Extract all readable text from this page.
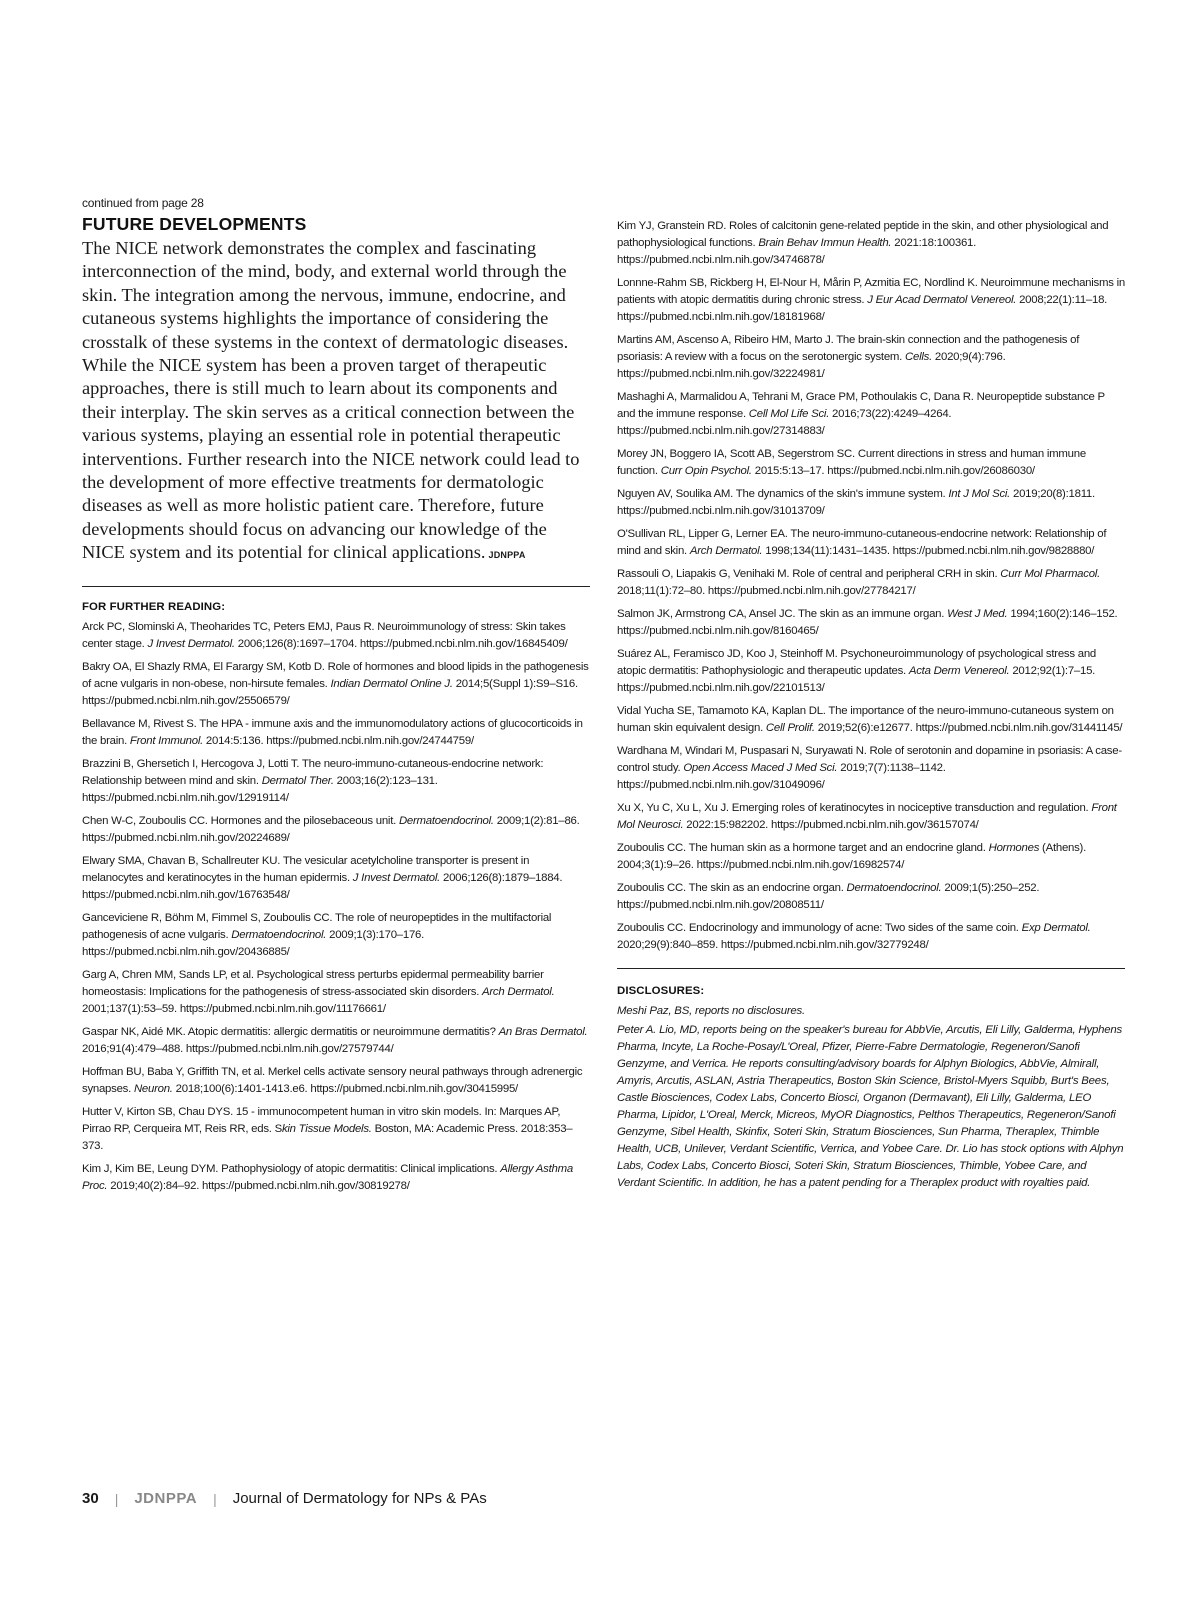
continued from page 28

FUTURE DEVELOPMENTS

The NICE network demonstrates the complex and fascinating interconnection of the mind, body, and external world through the skin. The integration among the nervous, immune, endocrine, and cutaneous systems highlights the importance of considering the crosstalk of these systems in the context of dermatologic diseases. While the NICE system has been a proven target of therapeutic approaches, there is still much to learn about its components and their interplay. The skin serves as a critical connection between the various systems, playing an essential role in potential therapeutic interventions. Further research into the NICE network could lead to the development of more effective treatments for dermatologic diseases as well as more holistic patient care. Therefore, future developments should focus on advancing our knowledge of the NICE system and its potential for clinical applications. JDNPPA

FOR FURTHER READING:
Arck PC, Slominski A, Theoharides TC, Peters EMJ, Paus R. Neuroimmunology of stress: Skin takes center stage. J Invest Dermatol. 2006;126(8):1697–1704. https://pubmed.ncbi.nlm.nih.gov/16845409/
Bakry OA, El Shazly RMA, El Farargy SM, Kotb D. Role of hormones and blood lipids in the pathogenesis of acne vulgaris in non-obese, non-hirsute females. Indian Dermatol Online J. 2014;5(Suppl 1):S9–S16. https://pubmed.ncbi.nlm.nih.gov/25506579/
Bellavance M, Rivest S. The HPA - immune axis and the immunomodulatory actions of glucocorticoids in the brain. Front Immunol. 2014:5:136. https://pubmed.ncbi.nlm.nih.gov/24744759/
Brazzini B, Ghersetich I, Hercogova J, Lotti T. The neuro-immuno-cutaneous-endocrine network: Relationship between mind and skin. Dermatol Ther. 2003;16(2):123–131. https://pubmed.ncbi.nlm.nih.gov/12919114/
Chen W-C, Zouboulis CC. Hormones and the pilosebaceous unit. Dermatoendocrinol. 2009;1(2):81–86. https://pubmed.ncbi.nlm.nih.gov/20224689/
Elwary SMA, Chavan B, Schallreuter KU. The vesicular acetylcholine transporter is present in melanocytes and keratinocytes in the human epidermis. J Invest Dermatol. 2006;126(8):1879–1884. https://pubmed.ncbi.nlm.nih.gov/16763548/
Ganceviciene R, Böhm M, Fimmel S, Zouboulis CC. The role of neuropeptides in the multifactorial pathogenesis of acne vulgaris. Dermatoendocrinol. 2009;1(3):170–176. https://pubmed.ncbi.nlm.nih.gov/20436885/
Garg A, Chren MM, Sands LP, et al. Psychological stress perturbs epidermal permeability barrier homeostasis: Implications for the pathogenesis of stress-associated skin disorders. Arch Dermatol. 2001;137(1):53–59. https://pubmed.ncbi.nlm.nih.gov/11176661/
Gaspar NK, Aidé MK. Atopic dermatitis: allergic dermatitis or neuroimmune dermatitis? An Bras Dermatol. 2016;91(4):479–488. https://pubmed.ncbi.nlm.nih.gov/27579744/
Hoffman BU, Baba Y, Griffith TN, et al. Merkel cells activate sensory neural pathways through adrenergic synapses. Neuron. 2018;100(6):1401-1413.e6. https://pubmed.ncbi.nlm.nih.gov/30415995/
Hutter V, Kirton SB, Chau DYS. 15 - immunocompetent human in vitro skin models. In: Marques AP, Pirrao RP, Cerqueira MT, Reis RR, eds. Skin Tissue Models. Boston, MA: Academic Press. 2018:353–373.
Kim J, Kim BE, Leung DYM. Pathophysiology of atopic dermatitis: Clinical implications. Allergy Asthma Proc. 2019;40(2):84–92. https://pubmed.ncbi.nlm.nih.gov/30819278/
Kim YJ, Granstein RD. Roles of calcitonin gene-related peptide in the skin, and other physiological and pathophysiological functions. Brain Behav Immun Health. 2021:18:100361. https://pubmed.ncbi.nlm.nih.gov/34746878/
Lonnne-Rahm SB, Rickberg H, El-Nour H, Mårin P, Azmitia EC, Nordlind K. Neuroimmune mechanisms in patients with atopic dermatitis during chronic stress. J Eur Acad Dermatol Venereol. 2008;22(1):11–18. https://pubmed.ncbi.nlm.nih.gov/18181968/
Martins AM, Ascenso A, Ribeiro HM, Marto J. The brain-skin connection and the pathogenesis of psoriasis: A review with a focus on the serotonergic system. Cells. 2020;9(4):796. https://pubmed.ncbi.nlm.nih.gov/32224981/
Mashaghi A, Marmalidou A, Tehrani M, Grace PM, Pothoulakis C, Dana R. Neuropeptide substance P and the immune response. Cell Mol Life Sci. 2016;73(22):4249–4264. https://pubmed.ncbi.nlm.nih.gov/27314883/
Morey JN, Boggero IA, Scott AB, Segerstrom SC. Current directions in stress and human immune function. Curr Opin Psychol. 2015:5:13–17. https://pubmed.ncbi.nlm.nih.gov/26086030/
Nguyen AV, Soulika AM. The dynamics of the skin's immune system. Int J Mol Sci. 2019;20(8):1811. https://pubmed.ncbi.nlm.nih.gov/31013709/
O'Sullivan RL, Lipper G, Lerner EA. The neuro-immuno-cutaneous-endocrine network: Relationship of mind and skin. Arch Dermatol. 1998;134(11):1431–1435. https://pubmed.ncbi.nlm.nih.gov/9828880/
Rassouli O, Liapakis G, Venihaki M. Role of central and peripheral CRH in skin. Curr Mol Pharmacol. 2018;11(1):72–80. https://pubmed.ncbi.nlm.nih.gov/27784217/
Salmon JK, Armstrong CA, Ansel JC. The skin as an immune organ. West J Med. 1994;160(2):146–152. https://pubmed.ncbi.nlm.nih.gov/8160465/
Suárez AL, Feramisco JD, Koo J, Steinhoff M. Psychoneuroimmunology of psychological stress and atopic dermatitis: Pathophysiologic and therapeutic updates. Acta Derm Venereol. 2012;92(1):7–15. https://pubmed.ncbi.nlm.nih.gov/22101513/
Vidal Yucha SE, Tamamoto KA, Kaplan DL. The importance of the neuro-immuno-cutaneous system on human skin equivalent design. Cell Prolif. 2019;52(6):e12677. https://pubmed.ncbi.nlm.nih.gov/31441145/
Wardhana M, Windari M, Puspasari N, Suryawati N. Role of serotonin and dopamine in psoriasis: A case-control study. Open Access Maced J Med Sci. 2019;7(7):1138–1142. https://pubmed.ncbi.nlm.nih.gov/31049096/
Xu X, Yu C, Xu L, Xu J. Emerging roles of keratinocytes in nociceptive transduction and regulation. Front Mol Neurosci. 2022:15:982202. https://pubmed.ncbi.nlm.nih.gov/36157074/
Zouboulis CC. The human skin as a hormone target and an endocrine gland. Hormones (Athens). 2004;3(1):9–26. https://pubmed.ncbi.nlm.nih.gov/16982574/
Zouboulis CC. The skin as an endocrine organ. Dermatoendocrinol. 2009;1(5):250–252. https://pubmed.ncbi.nlm.nih.gov/20808511/
Zouboulis CC. Endocrinology and immunology of acne: Two sides of the same coin. Exp Dermatol. 2020;29(9):840–859. https://pubmed.ncbi.nlm.nih.gov/32779248/
DISCLOSURES:

Meshi Paz, BS, reports no disclosures.

Peter A. Lio, MD, reports being on the speaker's bureau for AbbVie, Arcutis, Eli Lilly, Galderma, Hyphens Pharma, Incyte, La Roche-Posay/L'Oreal, Pfizer, Pierre-Fabre Dermatologie, Regeneron/Sanofi Genzyme, and Verrica. He reports consulting/advisory boards for Alphyn Biologics, AbbVie, Almirall, Amyris, Arcutis, ASLAN, Astria Therapeutics, Boston Skin Science, Bristol-Myers Squibb, Burt's Bees, Castle Biosciences, Codex Labs, Concerto Biosci, Organon (Dermavant), Eli Lilly, Galderma, LEO Pharma, Lipidor, L'Oreal, Merck, Micreos, MyOR Diagnostics, Pelthos Therapeutics, Regeneron/Sanofi Genzyme, Sibel Health, Skinfix, Soteri Skin, Stratum Biosciences, Sun Pharma, Theraplex, Thimble Health, UCB, Unilever, Verdant Scientific, Verrica, and Yobee Care. Dr. Lio has stock options with Alphyn Labs, Codex Labs, Concerto Biosci, Soteri Skin, Stratum Biosciences, Thimble, Yobee Care, and Verdant Scientific. In addition, he has a patent pending for a Theraplex product with royalties paid.

30 | JDNPPA | Journal of Dermatology for NPs & PAs
